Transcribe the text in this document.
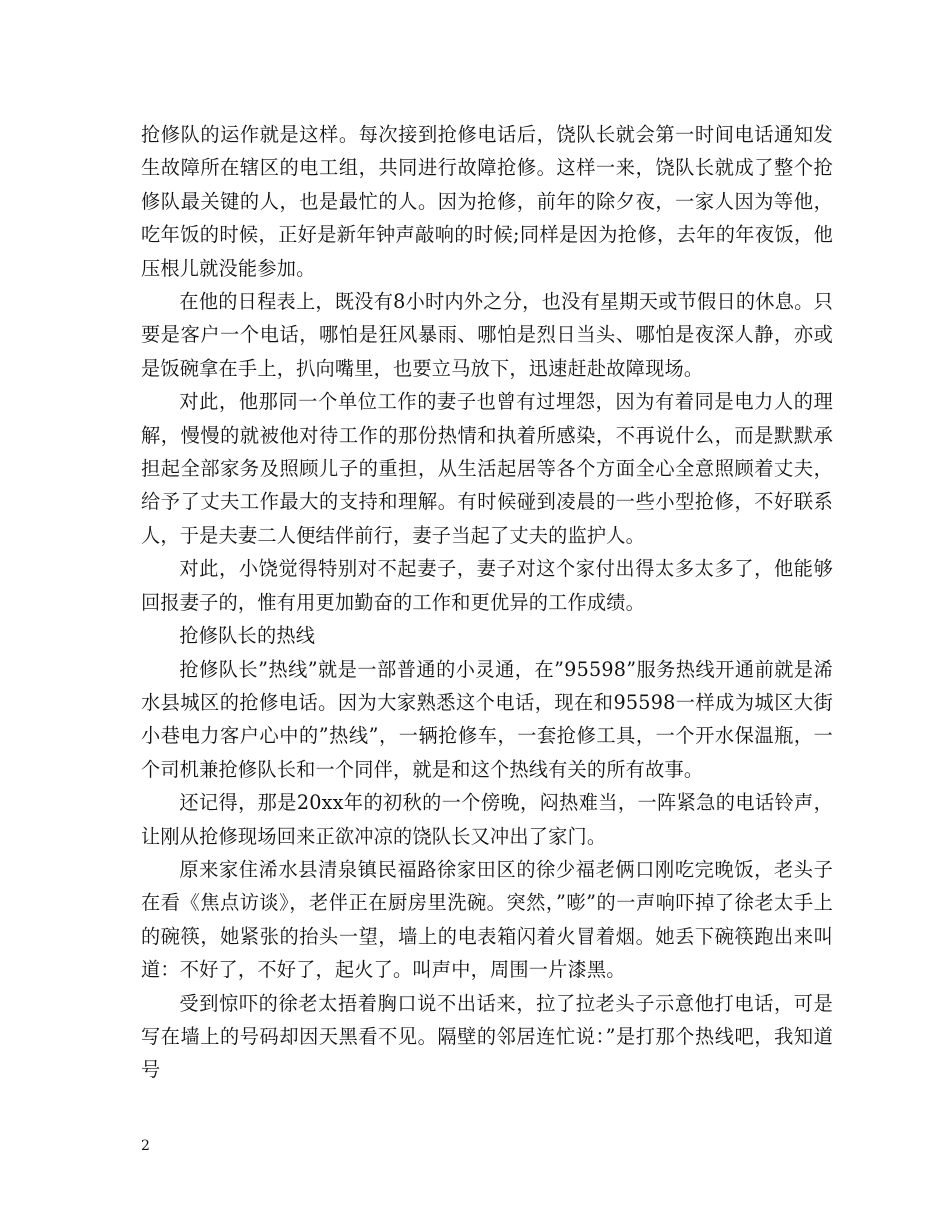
抢修队的运作就是这样。每次接到抢修电话后，饶队长就会第一时间电话通知发生故障所在辖区的电工组，共同进行故障抢修。这样一来，饶队长就成了整个抢修队最关键的人，也是最忙的人。因为抢修，前年的除夕夜，一家人因为等他，吃年饭的时候，正好是新年钟声敲响的时候;同样是因为抢修，去年的年夜饭，他压根儿就没能参加。

在他的日程表上，既没有8小时内外之分，也没有星期天或节假日的休息。只要是客户一个电话，哪怕是狂风暴雨、哪怕是烈日当头、哪怕是夜深人静，亦或是饭碗拿在手上，扒向嘴里，也要立马放下，迅速赶赴故障现场。

对此，他那同一个单位工作的妻子也曾有过埋怨，因为有着同是电力人的理解，慢慢的就被他对待工作的那份热情和执着所感染，不再说什么，而是默默承担起全部家务及照顾儿子的重担，从生活起居等各个方面全心全意照顾着丈夫，给予了丈夫工作最大的支持和理解。有时候碰到凌晨的一些小型抢修，不好联系人，于是夫妻二人便结伴前行，妻子当起了丈夫的监护人。

对此，小饶觉得特别对不起妻子，妻子对这个家付出得太多太多了，他能够回报妻子的，惟有用更加勤奋的工作和更优异的工作成绩。

抢修队长的热线

抢修队长”热线”就是一部普通的小灵通，在”95598”服务热线开通前就是浠水县城区的抢修电话。因为大家熟悉这个电话，现在和95598一样成为城区大街小巷电力客户心中的”热线”，一辆抢修车，一套抢修工具，一个开水保温瓶，一个司机兼抢修队长和一个同伴，就是和这个热线有关的所有故事。

还记得，那是20xx年的初秋的一个傍晚，闷热难当，一阵紧急的电话铃声，让刚从抢修现场回来正欲冲凉的饶队长又冲出了家门。

原来家住浠水县清泉镇民福路徐家田区的徐少福老俩口刚吃完晚饭，老头子在看《焦点访谈》，老伴正在厨房里洗碗。突然，”嘭”的一声响吓掉了徐老太手上的碗筷，她紧张的抬头一望，墙上的电表箱闪着火冒着烟。她丢下碗筷跑出来叫道：不好了，不好了，起火了。叫声中，周围一片漆黑。

受到惊吓的徐老太捂着胸口说不出话来，拉了拉老头子示意他打电话，可是写在墙上的号码却因天黑看不见。隔壁的邻居连忙说：”是打那个热线吧，我知道号

2
